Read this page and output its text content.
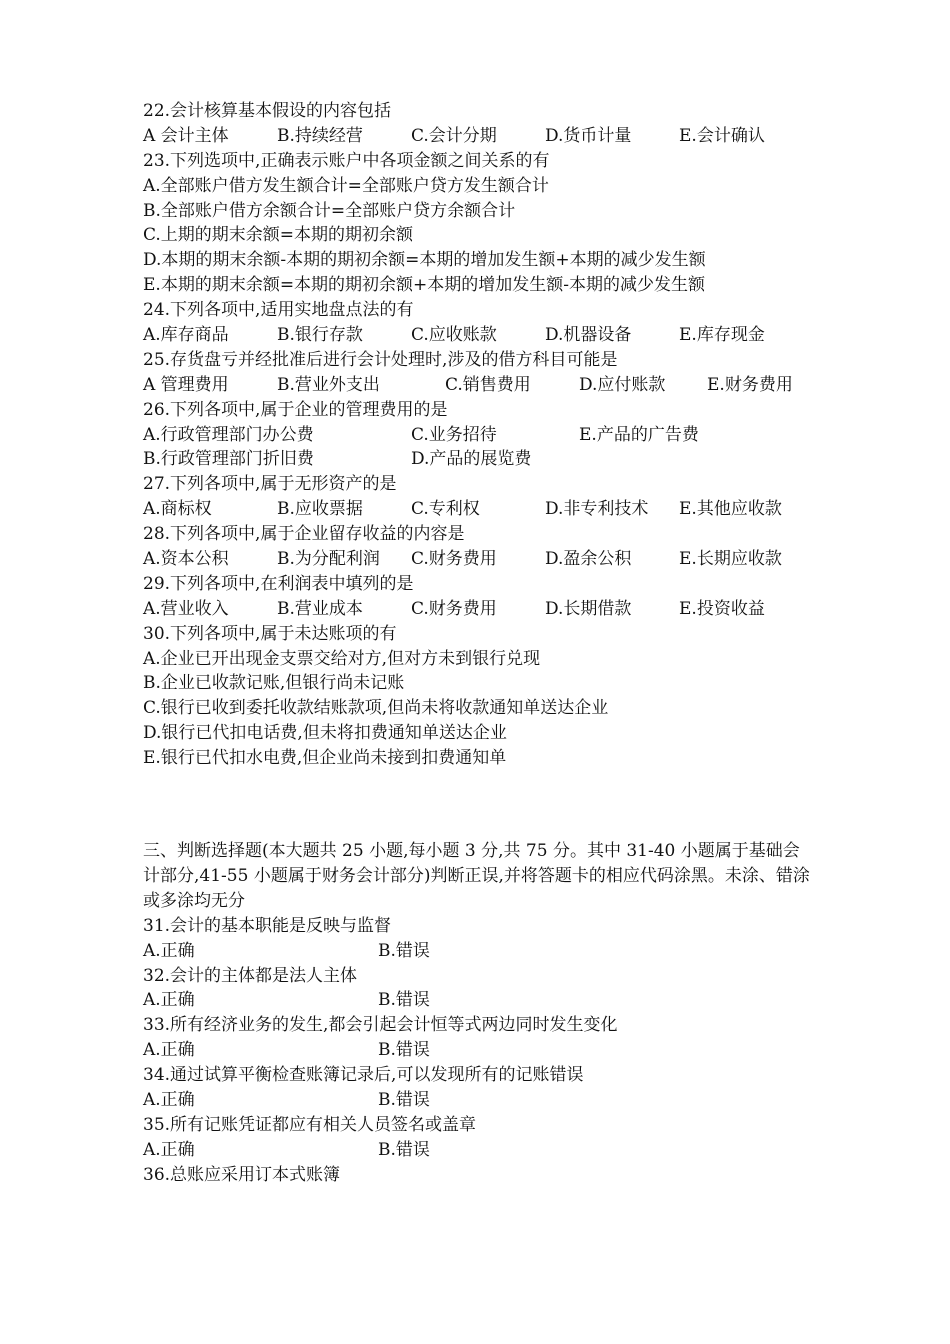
22.会计核算基本假设的内容包括
A 会计主体	B.持续经营	C.会计分期	D.货币计量	E.会计确认
23.下列选项中,正确表示账户中各项金额之间关系的有
A.全部账户借方发生额合计=全部账户贷方发生额合计
B.全部账户借方余额合计=全部账户贷方余额合计
C.上期的期末余额=本期的期初余额
D.本期的期末余额-本期的期初余额=本期的增加发生额+本期的减少发生额
E.本期的期末余额=本期的期初余额+本期的增加发生额-本期的减少发生额
24.下列各项中,适用实地盘点法的有
A.库存商品	B.银行存款	C.应收账款	D.机器设备	E.库存现金
25.存货盘亏并经批准后进行会计处理时,涉及的借方科目可能是
A 管理费用	B.营业外支出	C.销售费用	D.应付账款 E.财务费用
26.下列各项中,属于企业的管理费用的是
A.行政管理部门办公费	C.业务招待	E.产品的广告费
B.行政管理部门折旧费	D.产品的展览费
27.下列各项中,属于无形资产的是
A.商标权	B.应收票据	C.专利权	D.非专利技术 E.其他应收款
28.下列各项中,属于企业留存收益的内容是
A.资本公积	B.为分配利润 C.财务费用	D.盈余公积	E.长期应收款
29.下列各项中,在利润表中填列的是
A.营业收入	B.营业成本	C.财务费用	D.长期借款	E.投资收益
30.下列各项中,属于未达账项的有
A.企业已开出现金支票交给对方,但对方未到银行兑现
B.企业已收款记账,但银行尚未记账
C.银行已收到委托收款结账款项,但尚未将收款通知单送达企业
D.银行已代扣电话费,但未将扣费通知单送达企业
E.银行已代扣水电费,但企业尚未接到扣费通知单
三、判断选择题(本大题共 25 小题,每小题 3 分,共 75 分。其中 31-40 小题属于基础会计部分,41-55 小题属于财务会计部分)判断正误,并将答题卡的相应代码涂黑。未涂、错涂或多涂均无分
31.会计的基本职能是反映与监督
A.正确	B.错误
32.会计的主体都是法人主体
A.正确	B.错误
33.所有经济业务的发生,都会引起会计恒等式两边同时发生变化
A.正确	B.错误
34.通过试算平衡检查账簿记录后,可以发现所有的记账错误
A.正确	B.错误
35.所有记账凭证都应有相关人员签名或盖章
A.正确	B.错误
36.总账应采用订本式账簿
